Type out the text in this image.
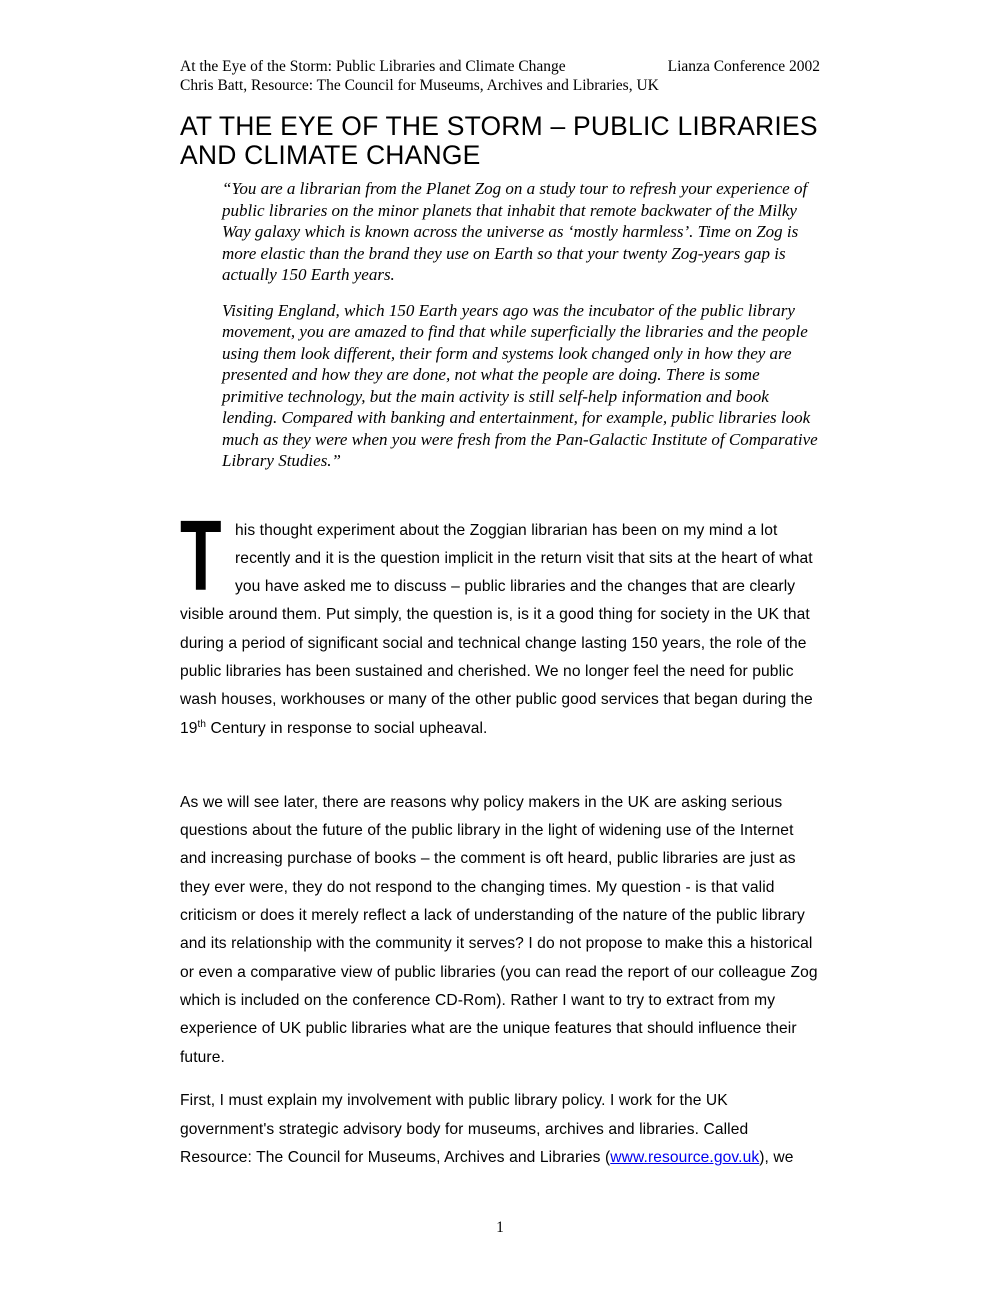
At the Eye of the Storm: Public Libraries and Climate Change	Lianza Conference 2002
Chris Batt, Resource: The Council for Museums, Archives and Libraries, UK
AT THE EYE OF THE STORM – PUBLIC LIBRARIES
AND CLIMATE CHANGE

“You are a librarian from the Planet Zog on a study tour to refresh your experience of public libraries on the minor planets that inhabit that remote backwater of the Milky Way galaxy which is known across the universe as ‘mostly harmless’. Time on Zog is more elastic than the brand they use on Earth so that your twenty Zog-years gap is actually 150 Earth years.

Visiting England, which 150 Earth years ago was the incubator of the public library movement, you are amazed to find that while superficially the libraries and the people using them look different, their form and systems look changed only in how they are presented and how they are done, not what the people are doing. There is some primitive technology, but the main activity is still self-help information and book lending. Compared with banking and entertainment, for example, public libraries look much as they were when you were fresh from the Pan-Galactic Institute of Comparative Library Studies.”

T his thought experiment about the Zoggian librarian has been on my mind a lot recently and it is the question implicit in the return visit that sits at the heart of what you have asked me to discuss – public libraries and the changes that are clearly visible around them. Put simply, the question is, is it a good thing for society in the UK that during a period of significant social and technical change lasting 150 years, the role of the public libraries has been sustained and cherished. We no longer feel the need for public wash houses, workhouses or many of the other public good services that began during the 19th Century in response to social upheaval.

As we will see later, there are reasons why policy makers in the UK are asking serious questions about the future of the public library in the light of widening use of the Internet and increasing purchase of books – the comment is oft heard, public libraries are just as they ever were, they do not respond to the changing times. My question - is that valid criticism or does it merely reflect a lack of understanding of the nature of the public library and its relationship with the community it serves? I do not propose to make this a historical or even a comparative view of public libraries (you can read the report of our colleague Zog which is included on the conference CD-Rom). Rather I want to try to extract from my experience of UK public libraries what are the unique features that should influence their future.

First, I must explain my involvement with public library policy. I work for the UK government's strategic advisory body for museums, archives and libraries. Called Resource: The Council for Museums, Archives and Libraries (www.resource.gov.uk), we

1
